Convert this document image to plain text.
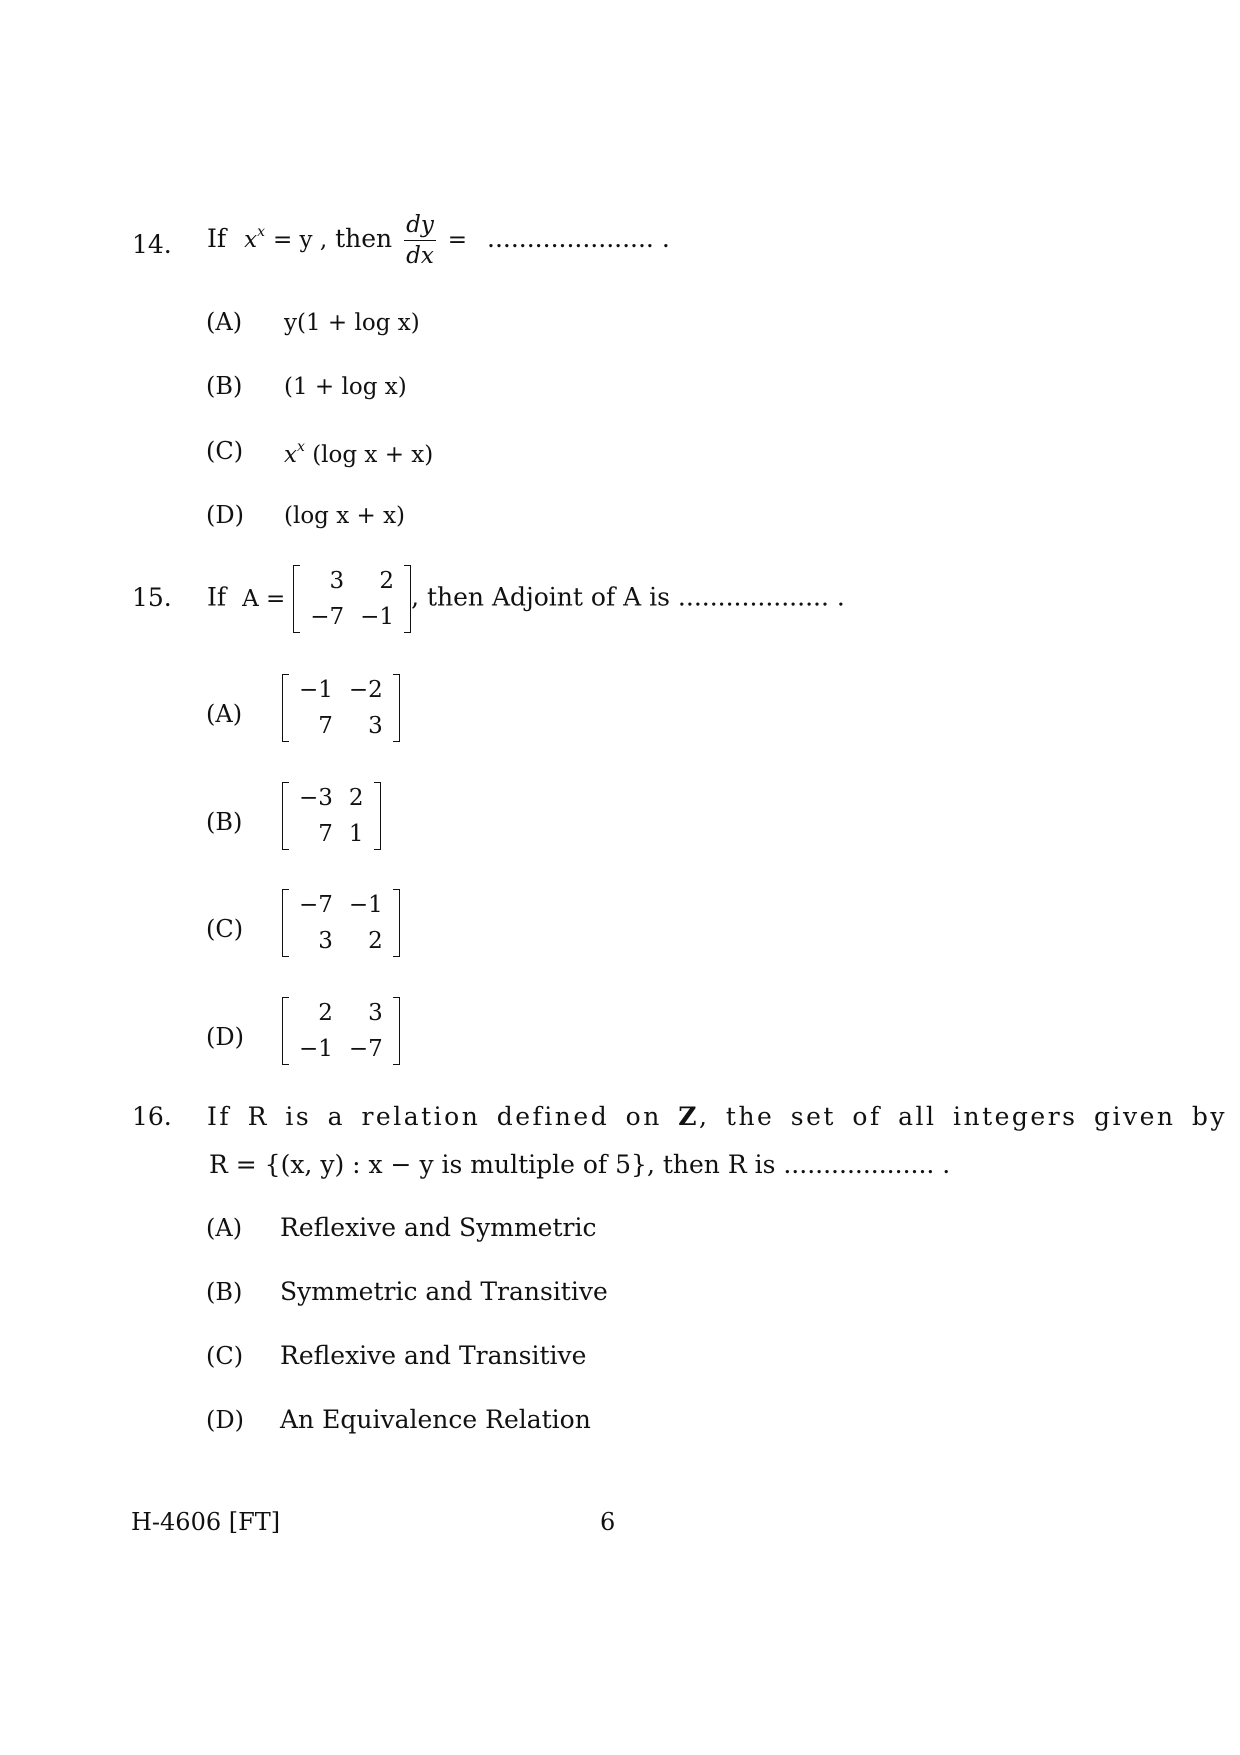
14. If $x^x = y$ , then $\frac{dy}{dx}$ = ..................... .
(A) y(1 + log x)
(B) (1 + log x)
(C) $x^x$ (log x + x)
(D) (log x + x)
15. If A =
3	2
−7	−1
, then Adjoint of A is ................... .
(A)
−1	−2
7	3
(B)
−3	2
7	1
(C)
−7	−1
3	2
(D)
2	3
−1	−7
16. If R is a relation defined on Z, the set of all integers given by
R = {(x, y) : x − y is multiple of 5}, then R is ................... .
(A) Reflexive and Symmetric
(B) Symmetric and Transitive
(C) Reflexive and Transitive
(D) An Equivalence Relation
H-4606 [FT]	6
